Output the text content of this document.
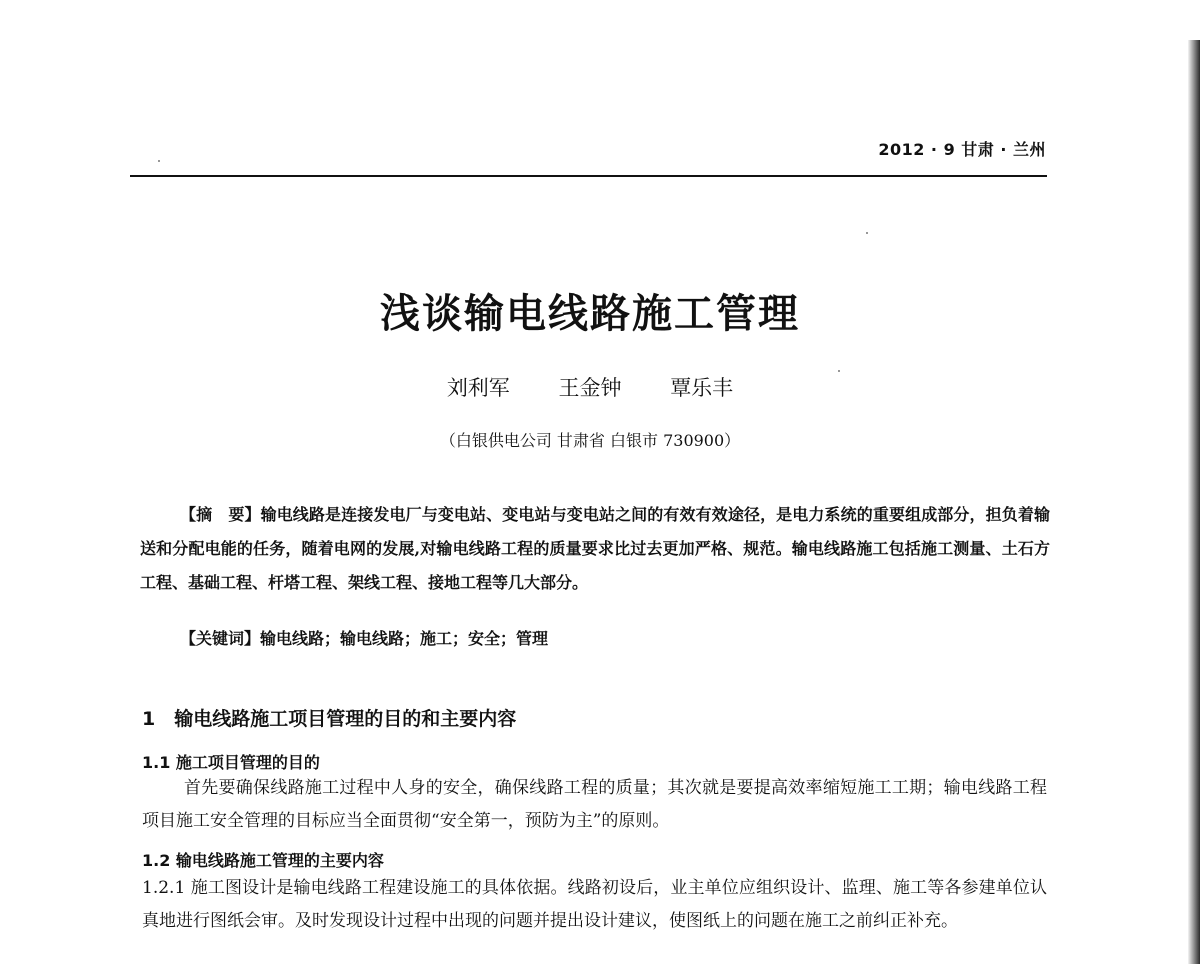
2012 · 9 甘肃 · 兰州
浅谈输电线路施工管理
刘利军 王金钟 覃乐丰
（白银供电公司 甘肃省 白银市 730900）
【摘　要】输电线路是连接发电厂与变电站、变电站与变电站之间的有效有效途径，是电力系统的重要组成部分，担负着输送和分配电能的任务，随着电网的发展,对输电线路工程的质量要求比过去更加严格、规范。输电线路施工包括施工测量、土石方工程、基础工程、杆塔工程、架线工程、接地工程等几大部分。
【关键词】输电线路；输电线路；施工；安全；管理
1　输电线路施工项目管理的目的和主要内容
1.1 施工项目管理的目的
首先要确保线路施工过程中人身的安全，确保线路工程的质量；其次就是要提高效率缩短施工工期；输电线路工程项目施工安全管理的目标应当全面贯彻“安全第一，预防为主”的原则。
1.2 输电线路施工管理的主要内容
1.2.1 施工图设计是输电线路工程建设施工的具体依据。线路初设后，业主单位应组织设计、监理、施工等各参建单位认真地进行图纸会审。及时发现设计过程中出现的问题并提出设计建议，使图纸上的问题在施工之前纠正补充。
